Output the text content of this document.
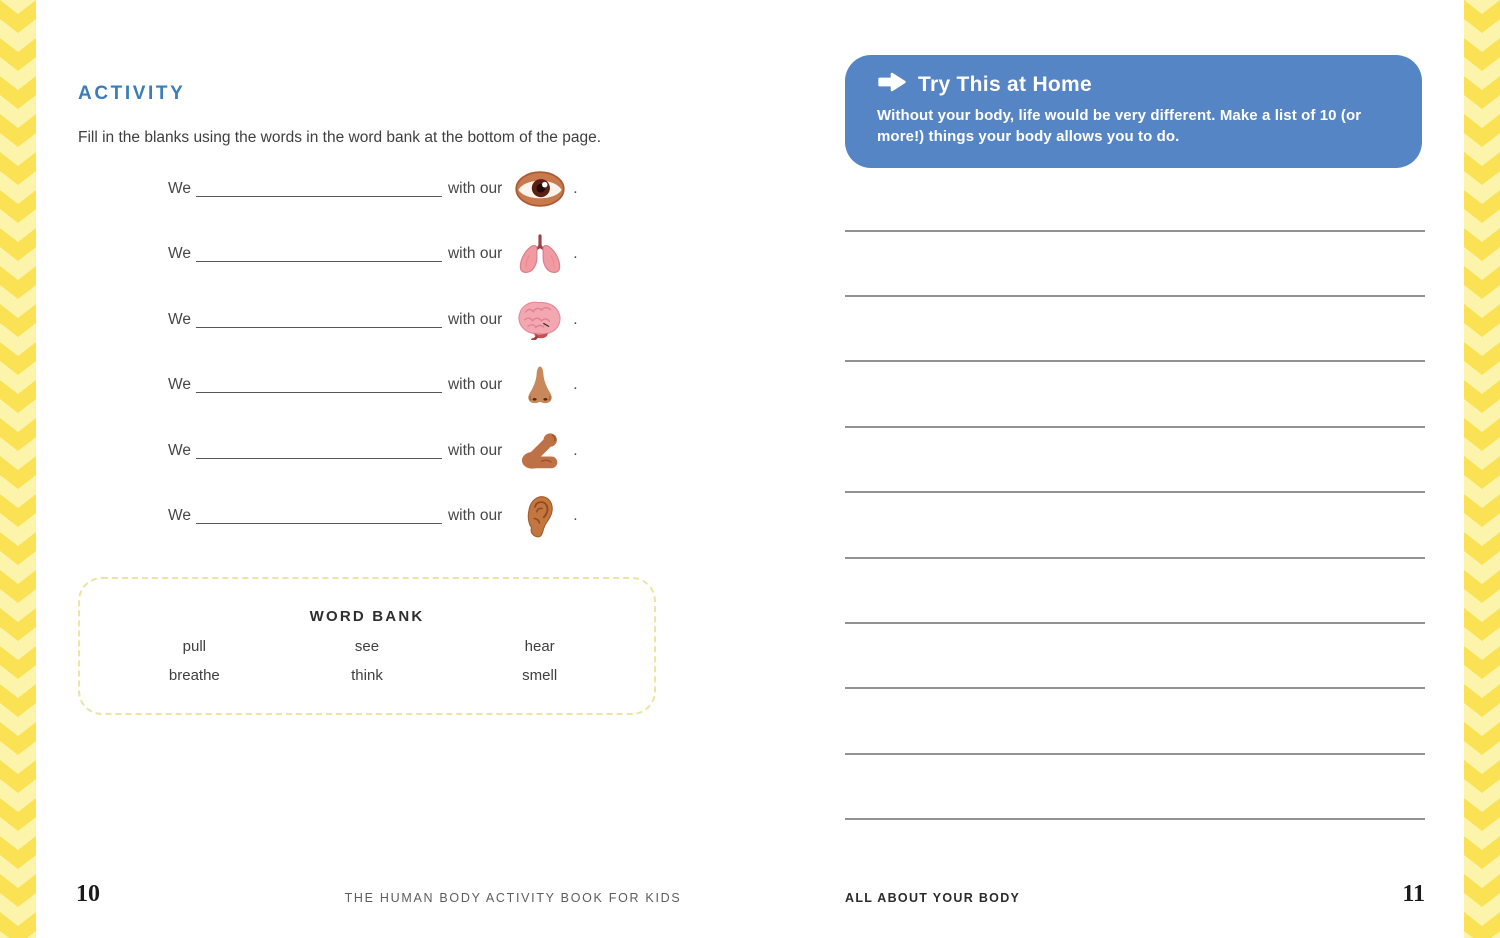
ACTIVITY

Fill in the blanks using the words in the word bank at the bottom of the page.

We	with our	.
We	with our	.
We	with our	.
We	with our	.
We	with our	.
We	with our	.
WORD BANK
pull	see	hear
breathe	think	smell
10	THE HUMAN BODY ACTIVITY BOOK FOR KIDS
Try This at Home
Without your body, life would be very different. Make a list of 10 (or more!) things your body allows you to do.
ALL ABOUT YOUR BODY	11
